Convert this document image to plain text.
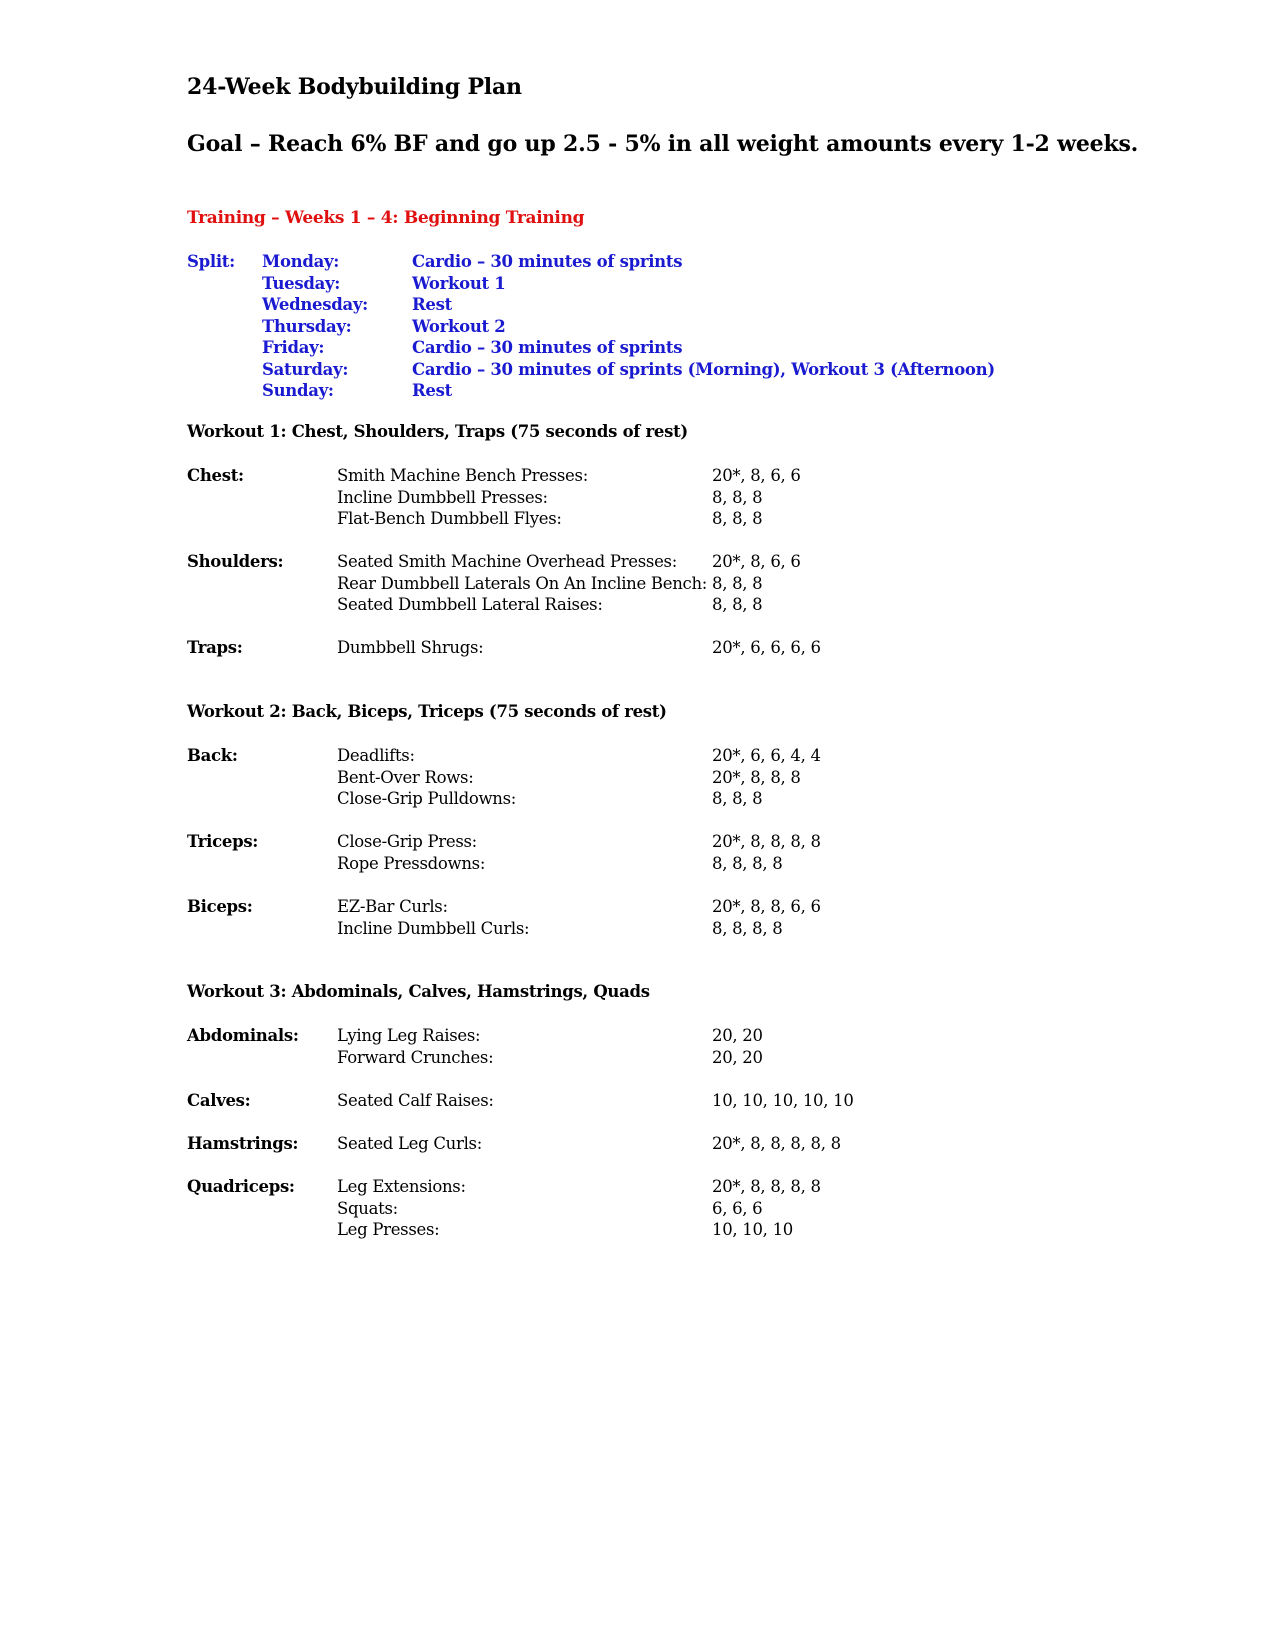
24-Week Bodybuilding Plan
Goal – Reach 6% BF and go up 2.5 - 5% in all weight amounts every 1-2 weeks.
Training – Weeks 1 – 4: Beginning Training
Split: Monday:	Cardio – 30 minutes of sprints
Tuesday:	Workout 1
Wednesday:	Rest
Thursday:	Workout 2
Friday:	Cardio – 30 minutes of sprints
Saturday:	Cardio – 30 minutes of sprints (Morning), Workout 3 (Afternoon)
Sunday:	Rest
Workout 1: Chest, Shoulders, Traps (75 seconds of rest)
Chest:	Smith Machine Bench Presses:	20*, 8, 6, 6
Incline Dumbbell Presses:	8, 8, 8
Flat-Bench Dumbbell Flyes:	8, 8, 8
Shoulders:	Seated Smith Machine Overhead Presses: 20*, 8, 6, 6
Rear Dumbbell Laterals On An Incline Bench: 8, 8, 8
Seated Dumbbell Lateral Raises:	8, 8, 8
Traps:	Dumbbell Shrugs:	20*, 6, 6, 6, 6
Workout 2: Back, Biceps, Triceps (75 seconds of rest)
Back:	Deadlifts:	20*, 6, 6, 4, 4
Bent-Over Rows:	20*, 8, 8, 8
Close-Grip Pulldowns:	8, 8, 8
Triceps:	Close-Grip Press:	20*, 8, 8, 8, 8
Rope Pressdowns:	8, 8, 8, 8
Biceps:	EZ-Bar Curls:	20*, 8, 8, 6, 6
Incline Dumbbell Curls:	8, 8, 8, 8
Workout 3: Abdominals, Calves, Hamstrings, Quads
Abdominals: Lying Leg Raises:	20, 20
Forward Crunches:	20, 20
Calves:	Seated Calf Raises:	10, 10, 10, 10, 10
Hamstrings: Seated Leg Curls:	20*, 8, 8, 8, 8, 8
Quadriceps:	Leg Extensions:	20*, 8, 8, 8, 8
Squats:	6, 6, 6
Leg Presses:	10, 10, 10
